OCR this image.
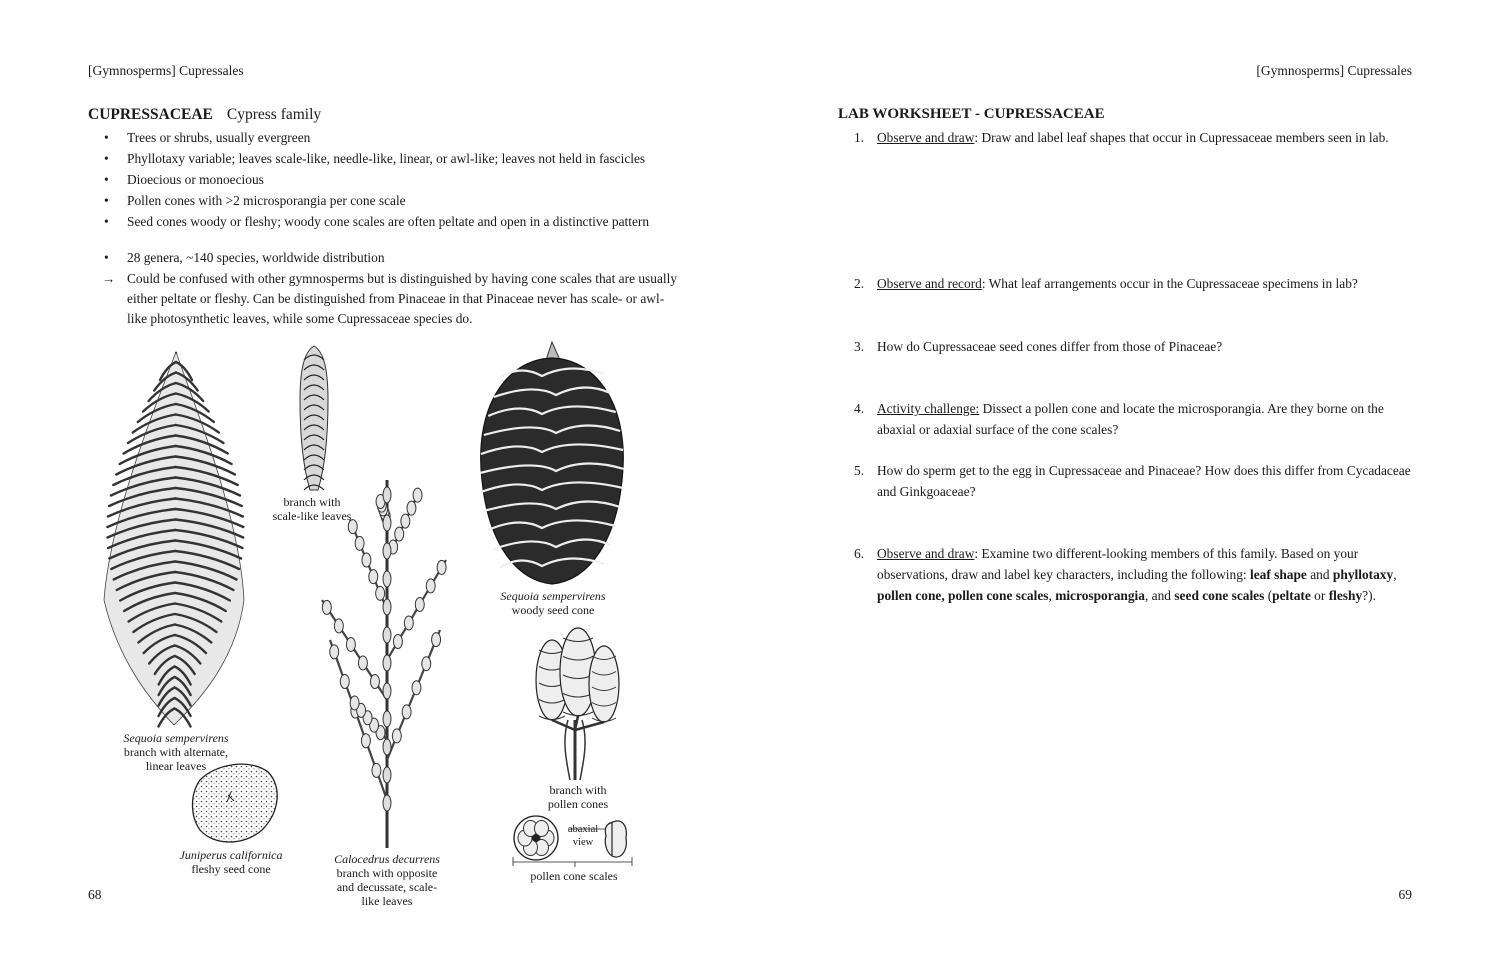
[Gymnosperms] Cupressales
CUPRESSACEAE Cypress family
• Trees or shrubs, usually evergreen
• Phyllotaxy variable; leaves scale-like, needle-like, linear, or awl-like; leaves not held in fascicles
• Dioecious or monoecious
• Pollen cones with >2 microsporangia per cone scale
• Seed cones woody or fleshy; woody cone scales are often peltate and open in a distinctive pattern
• 28 genera, ~140 species, worldwide distribution
→ Could be confused with other gymnosperms but is distinguished by having cone scales that are usually either peltate or fleshy. Can be distinguished from Pinaceae in that Pinaceae never has scale- or awl-like photosynthetic leaves, while some Cupressaceae species do.
Sequoia sempervirens
branch with alternate,
linear leaves
branch with
scale-like leaves
Sequoia sempervirens
woody seed cone
Juniperus californica
fleshy seed cone
Calocedrus decurrens
branch with opposite
and decussate, scale-
like leaves
branch with
pollen cones
abaxial
view
pollen cone scales
68
[Gymnosperms] Cupressales
LAB WORKSHEET - CUPRESSACEAE
1. Observe and draw: Draw and label leaf shapes that occur in Cupressaceae members seen in lab.
2. Observe and record: What leaf arrangements occur in the Cupressaceae specimens in lab?
3. How do Cupressaceae seed cones differ from those of Pinaceae?
4. Activity challenge: Dissect a pollen cone and locate the microsporangia. Are they borne on the abaxial or adaxial surface of the cone scales?
5. How do sperm get to the egg in Cupressaceae and Pinaceae? How does this differ from Cycadaceae and Ginkgoaceae?
6. Observe and draw: Examine two different-looking members of this family. Based on your observations, draw and label key characters, including the following: leaf shape and phyllotaxy, pollen cone, pollen cone scales, microsporangia, and seed cone scales (peltate or fleshy?).
69
